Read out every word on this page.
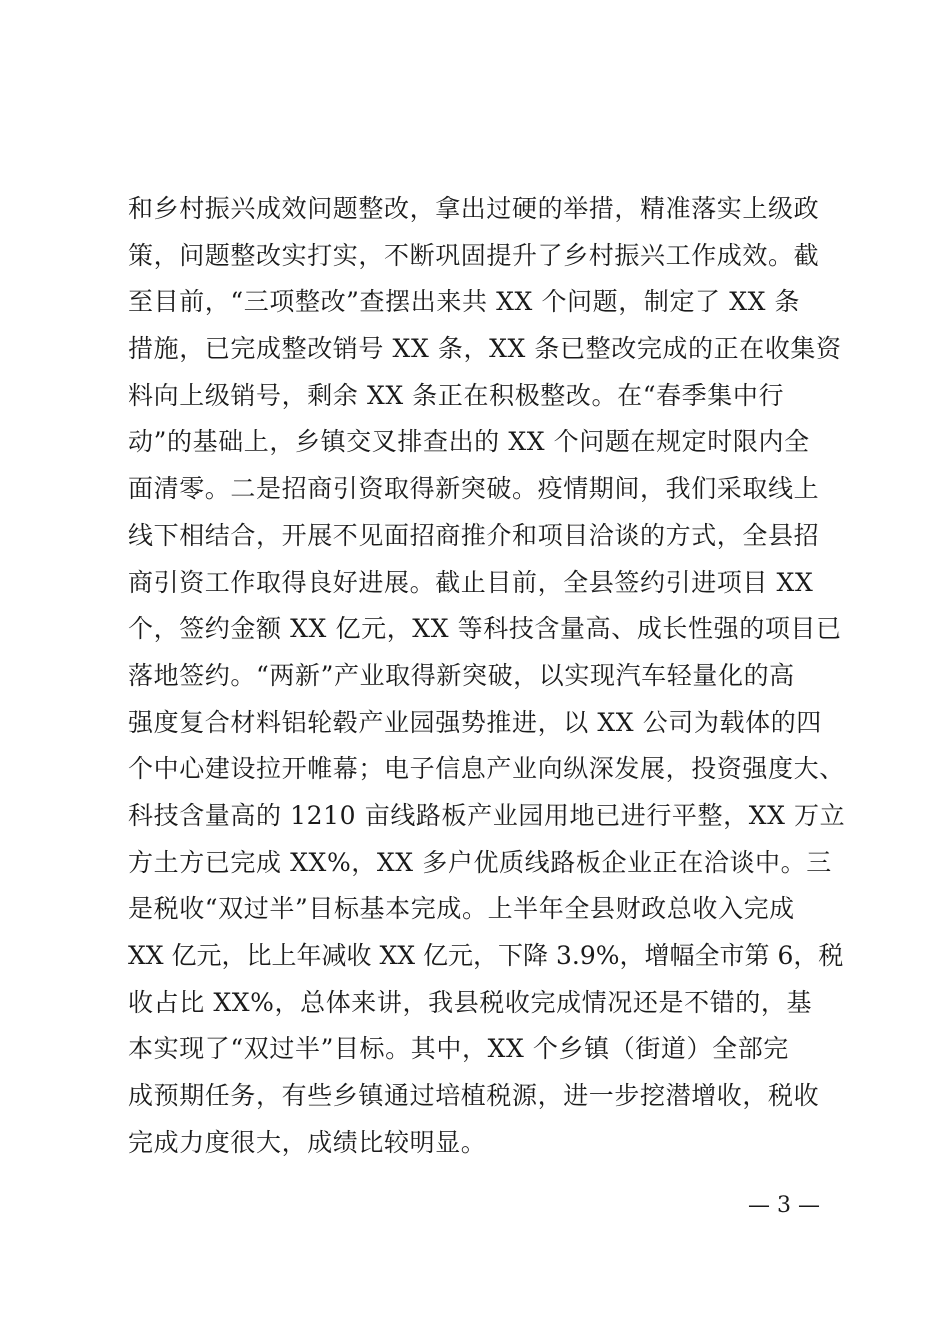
和乡村振兴成效问题整改，拿出过硬的举措，精准落实上级政
策，问题整改实打实，不断巩固提升了乡村振兴工作成效。截
至目前，“三项整改”查摆出来共 XX 个问题，制定了 XX 条
措施，已完成整改销号 XX 条，XX 条已整改完成的正在收集资
料向上级销号，剩余 XX 条正在积极整改。在“春季集中行
动”的基础上，乡镇交叉排查出的 XX 个问题在规定时限内全
面清零。二是招商引资取得新突破。疫情期间，我们采取线上
线下相结合，开展不见面招商推介和项目洽谈的方式，全县招
商引资工作取得良好进展。截止目前，全县签约引进项目 XX
个，签约金额 XX 亿元，XX 等科技含量高、成长性强的项目已
落地签约。“两新”产业取得新突破，以实现汽车轻量化的高
强度复合材料铝轮毂产业园强势推进，以 XX 公司为载体的四
个中心建设拉开帷幕；电子信息产业向纵深发展，投资强度大、
科技含量高的 1210 亩线路板产业园用地已进行平整，XX 万立
方土方已完成 XX%，XX 多户优质线路板企业正在洽谈中。三
是税收“双过半”目标基本完成。上半年全县财政总收入完成
XX 亿元，比上年减收 XX 亿元，下降 3.9%，增幅全市第 6，税
收占比 XX%，总体来讲，我县税收完成情况还是不错的，基
本实现了“双过半”目标。其中，XX 个乡镇（街道）全部完
成预期任务，有些乡镇通过培植税源，进一步挖潜增收，税收
完成力度很大，成绩比较明显。
— 3 —
